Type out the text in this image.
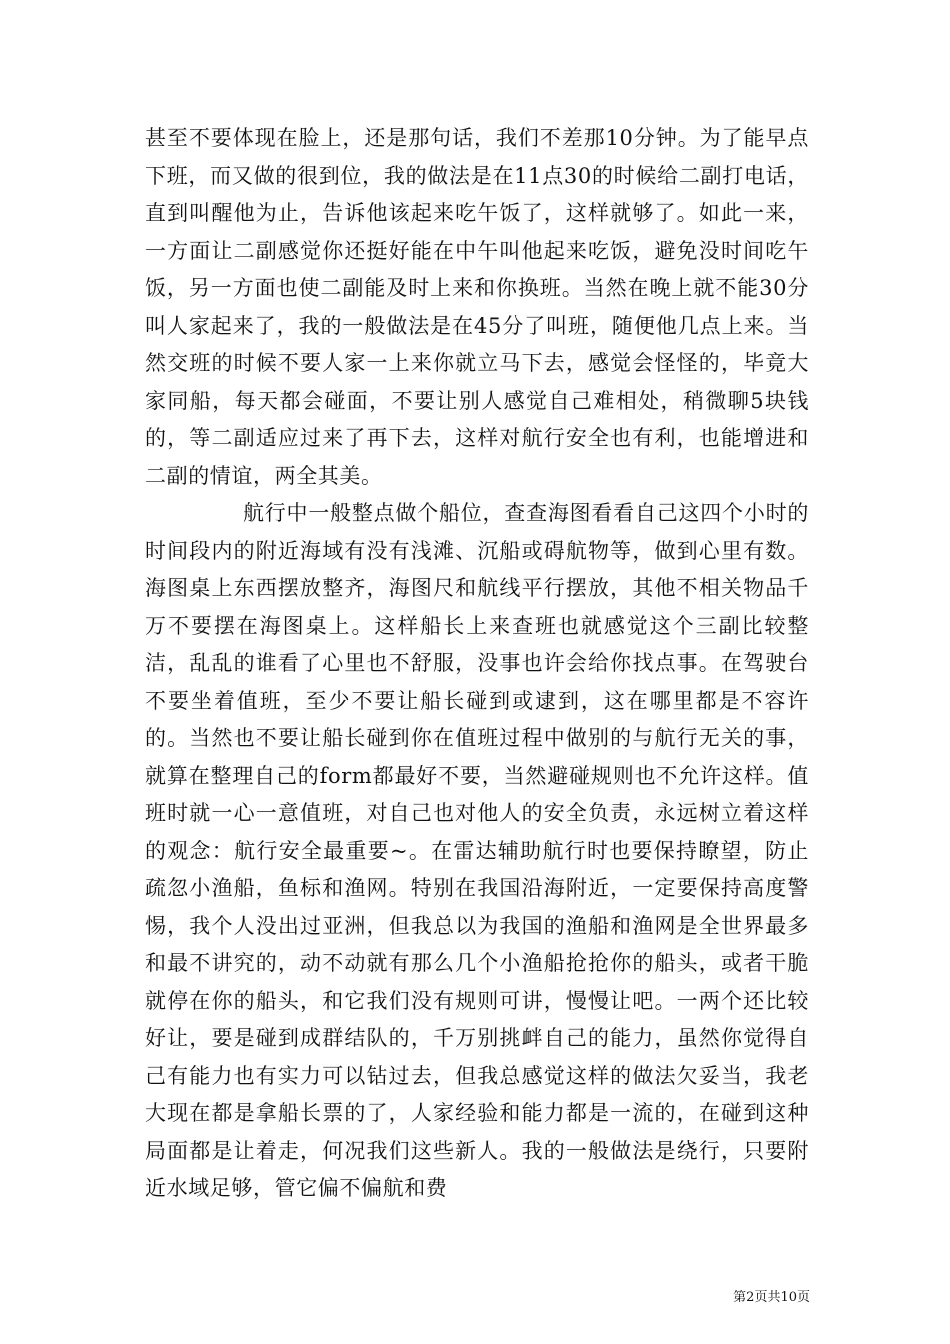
甚至不要体现在脸上，还是那句话，我们不差那10分钟。为了能早点下班，而又做的很到位，我的做法是在11点30的时候给二副打电话，直到叫醒他为止，告诉他该起来吃午饭了，这样就够了。如此一来，一方面让二副感觉你还挺好能在中午叫他起来吃饭，避免没时间吃午饭，另一方面也使二副能及时上来和你换班。当然在晚上就不能30分叫人家起来了，我的一般做法是在45分了叫班，随便他几点上来。当然交班的时候不要人家一上来你就立马下去，感觉会怪怪的，毕竟大家同船，每天都会碰面，不要让别人感觉自己难相处，稍微聊5块钱的，等二副适应过来了再下去，这样对航行安全也有利，也能增进和二副的情谊，两全其美。
航行中一般整点做个船位，查查海图看看自己这四个小时的时间段内的附近海域有没有浅滩、沉船或碍航物等，做到心里有数。海图桌上东西摆放整齐，海图尺和航线平行摆放，其他不相关物品千万不要摆在海图桌上。这样船长上来查班也就感觉这个三副比较整洁，乱乱的谁看了心里也不舒服，没事也许会给你找点事。在驾驶台不要坐着值班，至少不要让船长碰到或逮到，这在哪里都是不容许的。当然也不要让船长碰到你在值班过程中做别的与航行无关的事，就算在整理自己的form都最好不要，当然避碰规则也不允许这样。值班时就一心一意值班，对自己也对他人的安全负责，永远树立着这样的观念：航行安全最重要~。在雷达辅助航行时也要保持瞭望，防止疏忽小渔船，鱼标和渔网。特别在我国沿海附近，一定要保持高度警惕，我个人没出过亚洲，但我总以为我国的渔船和渔网是全世界最多和最不讲究的，动不动就有那么几个小渔船抢抢你的船头，或者干脆就停在你的船头，和它我们没有规则可讲，慢慢让吧。一两个还比较好让，要是碰到成群结队的，千万别挑衅自己的能力，虽然你觉得自己有能力也有实力可以钻过去，但我总感觉这样的做法欠妥当，我老大现在都是拿船长票的了，人家经验和能力都是一流的，在碰到这种局面都是让着走，何况我们这些新人。我的一般做法是绕行，只要附近水域足够，管它偏不偏航和费
第2页共10页
